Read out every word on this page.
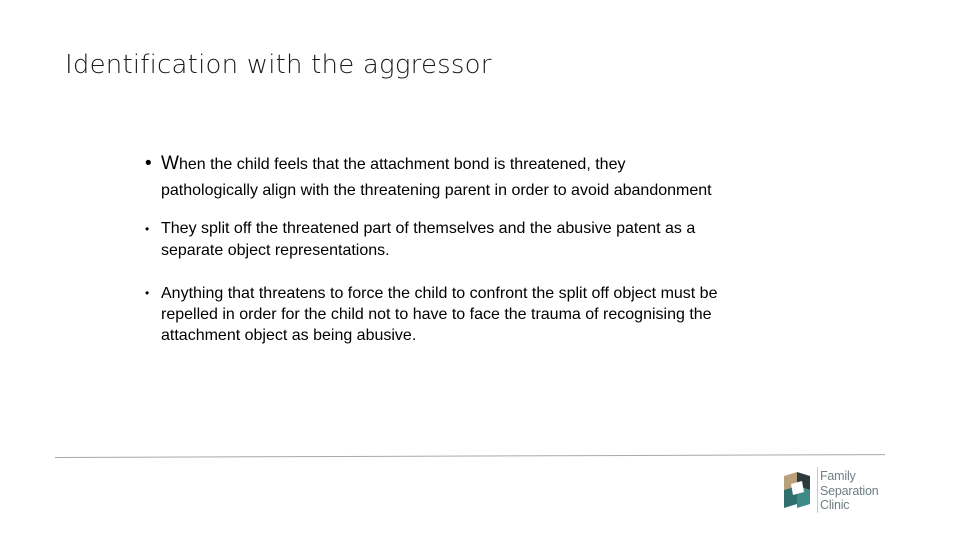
Identification with the aggressor
• When the child feels that the attachment bond is threatened, they
pathologically align with the threatening parent in order to avoid abandonment
• They split off the threatened part of themselves and the abusive patent as a
separate object representations.
• Anything that threatens to force the child to confront the split off object must be
repelled in order for the child not to have to face the trauma of recognising the
attachment object as being abusive.
Family
Separation
Clinic
